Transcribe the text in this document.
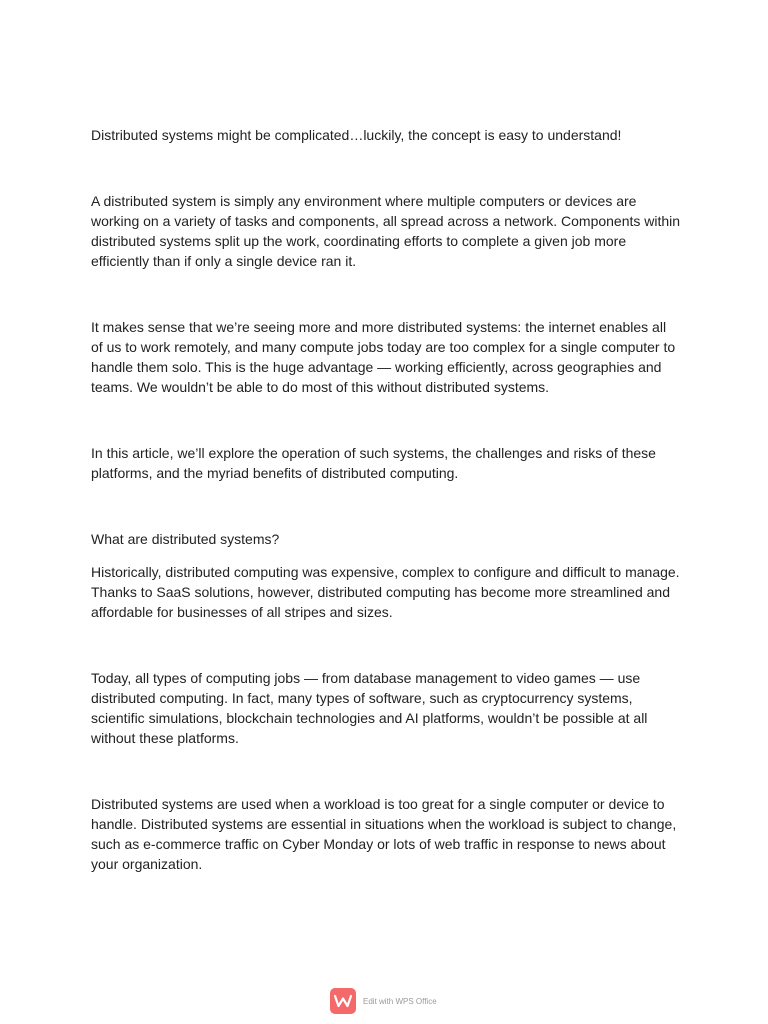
Distributed systems might be complicated…luckily, the concept is easy to understand!

A distributed system is simply any environment where multiple computers or devices are working on a variety of tasks and components, all spread across a network. Components within distributed systems split up the work, coordinating efforts to complete a given job more efficiently than if only a single device ran it.

It makes sense that we’re seeing more and more distributed systems: the internet enables all of us to work remotely, and many compute jobs today are too complex for a single computer to handle them solo. This is the huge advantage — working efficiently, across geographies and teams. We wouldn’t be able to do most of this without distributed systems.

In this article, we’ll explore the operation of such systems, the challenges and risks of these platforms, and the myriad benefits of distributed computing.

What are distributed systems?

Historically, distributed computing was expensive, complex to configure and difficult to manage. Thanks to SaaS solutions, however, distributed computing has become more streamlined and affordable for businesses of all stripes and sizes.

Today, all types of computing jobs — from database management to video games — use distributed computing. In fact, many types of software, such as cryptocurrency systems, scientific simulations, blockchain technologies and AI platforms, wouldn’t be possible at all without these platforms.

Distributed systems are used when a workload is too great for a single computer or device to handle. Distributed systems are essential in situations when the workload is subject to change, such as e-commerce traffic on Cyber Monday or lots of web traffic in response to news about your organization.

Edit with WPS Office
